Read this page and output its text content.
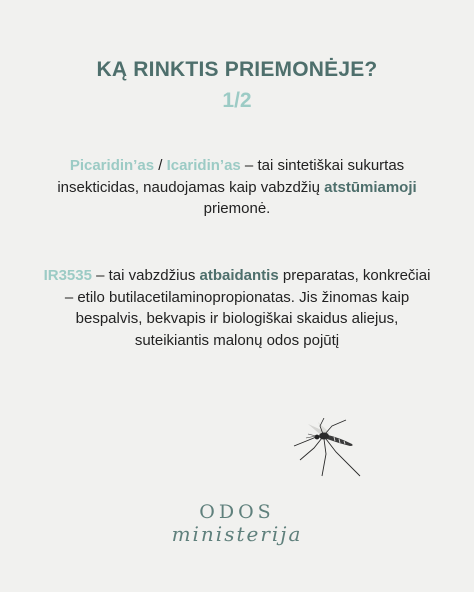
KĄ RINKTIS PRIEMONĖJE?
1/2
Picaridin’as / Icaridin’as – tai sintetiškai sukurtas insekticidas, naudojamas kaip vabzdžių atstūmiamoji priemonė.
IR3535 – tai vabzdžius atbaidantis preparatas, konkrečiai – etilo butilacetilaminopropionatas. Jis žinomas kaip bespalvis, bekvapis ir biologiškai skaidus aliejus, suteikiantis malonų odos pojūtį
ODOS
ministerija
